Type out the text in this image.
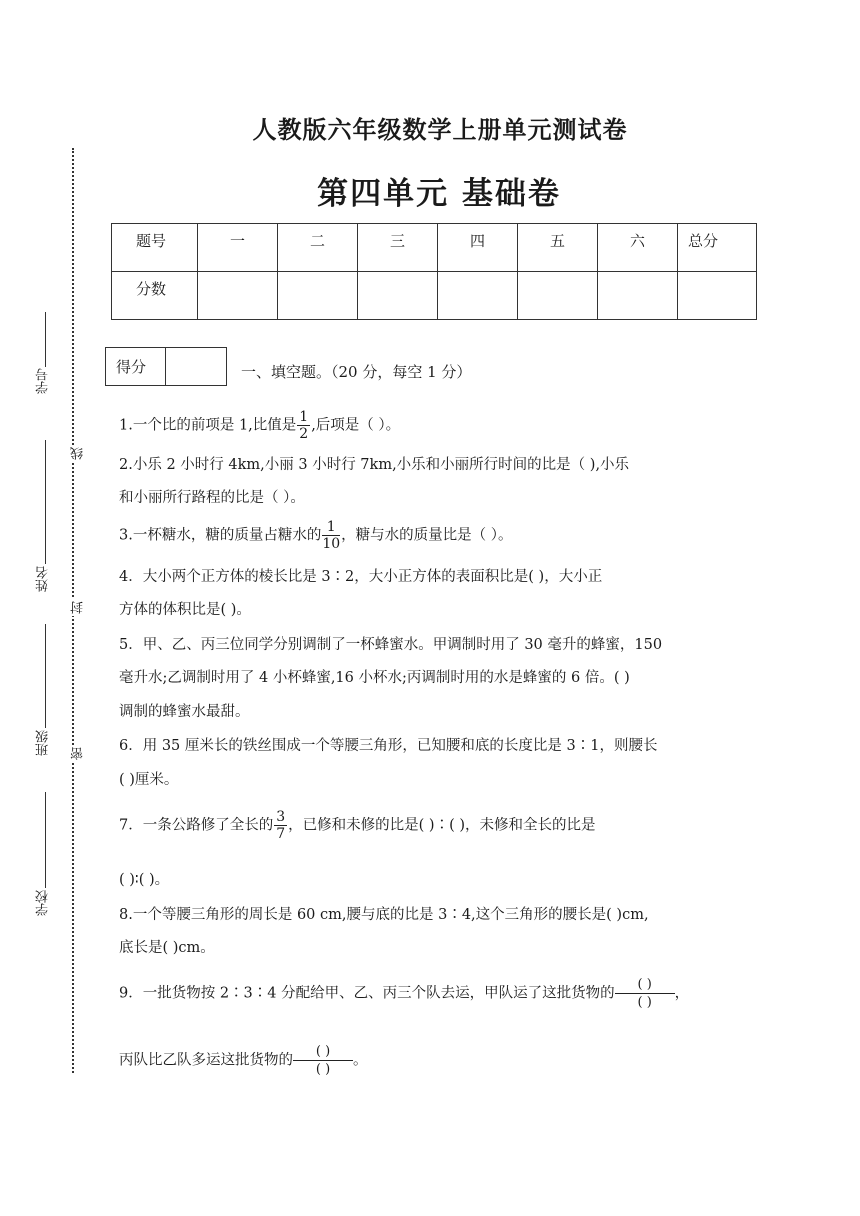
人教版六年级数学上册单元测试卷
第四单元 基础卷
题号	一	二	三	四	五	六	总分
分数							
得分	一、填空题。（20 分，每空 1 分）
线
封
密
学号
姓名
班级
学校
1.一个比的前项是 1,比值是 $\frac{1}{2}$ ,后项是（ ）。
2.小乐 2 小时行 4km,小丽 3 小时行 7km,小乐和小丽所行时间的比是（ ),小乐
和小丽所行路程的比是（ ）。
3.一杯糖水，糖的质量占糖水的 $\frac{1}{10}$ ，糖与水的质量比是（ ）。
4．大小两个正方体的棱长比是 3∶2，大小正方体的表面积比是( )，大小正
方体的体积比是( )。
5．甲、乙、丙三位同学分别调制了一杯蜂蜜水。甲调制时用了 30 毫升的蜂蜜，150
毫升水;乙调制时用了 4 小杯蜂蜜,16 小杯水;丙调制时用的水是蜂蜜的 6 倍。( )
调制的蜂蜜水最甜。
6．用 35 厘米长的铁丝围成一个等腰三角形，已知腰和底的长度比是 3∶1，则腰长
( )厘米。
7．一条公路修了全长的 $\frac{3}{7}$ ，已修和未修的比是( )∶( )，未修和全长的比是
( )∶( )。
8.一个等腰三角形的周长是 60 cm,腰与底的比是 3∶4,这个三角形的腰长是( )cm,
底长是( )cm。
9．一批货物按 2∶3∶4 分配给甲、乙、丙三个队去运，甲队运了这批货物的
( )
( )
，
丙队比乙队多运这批货物的
( )
( )
。
